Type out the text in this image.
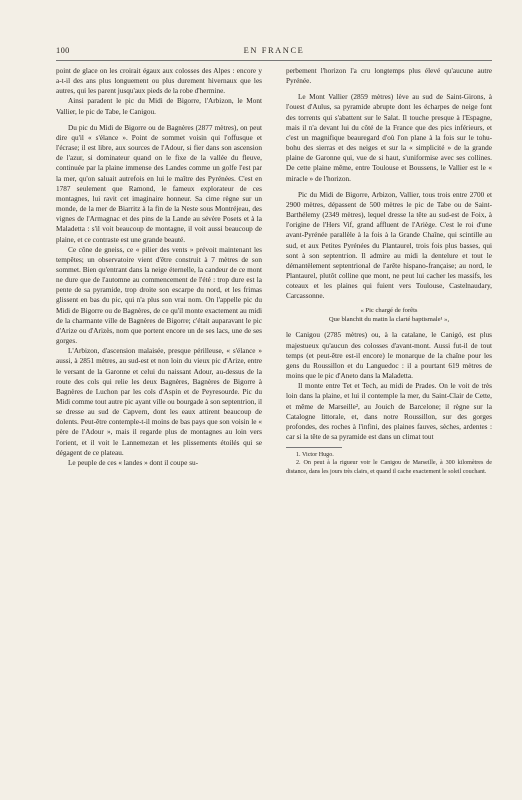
100	EN FRANCE

point de glace on les croirait égaux aux colosses des Alpes : encore y a-t-il des ans plus longuement ou plus durement hivernaux que les autres, qui les parent jusqu'aux pieds de la robe d'hermine.

Ainsi paradent le pic du Midi de Bigorre, l'Arbizon, le Mont Vallier, le pic de Tabe, le Canigou.

Du pic du Midi de Bigorre ou de Bagnères (2877 mètres), on peut dire qu'il « s'élance ». Point de sommet voisin qui l'offusque et l'écrase; il est libre, aux sources de l'Adour, si fier dans son ascension de l'azur, si dominateur quand on le fixe de la vallée du fleuve, continuée par la plaine immense des Landes comme un golfe l'est par la mer, qu'on saluait autrefois en lui le maître des Pyrénées. C'est en 1787 seulement que Ramond, le fameux explorateur de ces montagnes, lui ravit cet imaginaire honneur. Sa cime règne sur un monde, de la mer de Biarritz à la fin de la Neste sous Montréjeau, des vignes de l'Armagnac et des pins de la Lande au sévère Posets et à la Maladetta : s'il voit beaucoup de montagne, il voit aussi beaucoup de plaine, et ce contraste est une grande beauté.

Ce cône de gneiss, ce « pilier des vents » prévoit maintenant les tempêtes; un observatoire vient d'être construit à 7 mètres de son sommet. Bien qu'entrant dans la neige éternelle, la candeur de ce mont ne dure que de l'automne au commencement de l'été : trop dure est la pente de sa pyramide, trop droite son escarpe du nord, et les frimas glissent en bas du pic, qui n'a plus son vrai nom. On l'appelle pic du Midi de Bigorre ou de Bagnères, de ce qu'il monte exactement au midi de la charmante ville de Bagnères de Bigorre; c'était auparavant le pic d'Arize ou d'Arizès, nom que portent encore un de ses lacs, une de ses gorges.

L'Arbizon, d'ascension malaisée, presque périlleuse, « s'élance » aussi, à 2851 mètres, au sud-est et non loin du vieux pic d'Arize, entre le versant de la Garonne et celui du naissant Adour, au-dessus de la route des cols qui relie les deux Bagnères, Bagnères de Bigorre à Bagnères de Luchon par les cols d'Aspin et de Peyresourde. Pic du Midi comme tout autre pic ayant ville ou bourgade à son septentrion, il se dresse au sud de Capvern, dont les eaux attirent beaucoup de dolents. Peut-être contemple-t-il moins de bas pays que son voisin le « père de l'Adour », mais il regarde plus de montagnes au loin vers l'orient, et il voit le Lannemezan et les plissements étoilés qui se dégagent de ce plateau.

Le peuple de ces « landes » dont il coupe su-

perbement l'horizon l'a cru longtemps plus élevé qu'aucune autre Pyrénée.

Le Mont Vallier (2859 mètres) lève au sud de Saint-Girons, à l'ouest d'Aulus, sa pyramide abrupte dont les écharpes de neige font des torrents qui s'abattent sur le Salat. Il touche presque à l'Espagne, mais il n'a devant lui du côté de la France que des pics inférieurs, et c'est un magnifique beauregard d'où l'on plane à la fois sur le tohu-bohu des sierras et des neiges et sur la « simplicité » de la grande plaine de Garonne qui, vue de si haut, s'uniformise avec ses collines. De cette plaine même, entre Toulouse et Boussens, le Vallier est le « miracle » de l'horizon.

Pic du Midi de Bigorre, Arbizon, Vallier, tous trois entre 2700 et 2900 mètres, dépassent de 500 mètres le pic de Tabe ou de Saint-Barthélemy (2349 mètres), lequel dresse la tête au sud-est de Foix, à l'origine de l'Hers Vif, grand affluent de l'Ariège. C'est le roi d'une avant-Pyrénée parallèle à la fois à la Grande Chaîne, qui scintille au sud, et aux Petites Pyrénées du Plantaurel, trois fois plus basses, qui sont à son septentrion. Il admire au midi la dentelure et tout le démantèlement septentrional de l'arête hispano-française; au nord, le Plantaurel, plutôt colline que mont, ne peut lui cacher les massifs, les coteaux et les plaines qui fuient vers Toulouse, Castelnaudary, Carcassonne.

« Pic chargé de forêts
Que blanchit du matin la clarté baptismale¹ »,

le Canigou (2785 mètres) ou, à la catalane, le Canigó, est plus majestueux qu'aucun des colosses d'avant-mont. Aussi fut-il de tout temps (et peut-être est-il encore) le monarque de la chaîne pour les gens du Roussillon et du Languedoc : il a pourtant 619 mètres de moins que le pic d'Aneto dans la Maladetta.

Il monte entre Tet et Tech, au midi de Prades. On le voit de très loin dans la plaine, et lui il contemple la mer, du Saint-Clair de Cette, et même de Marseille², au Jouich de Barcelone; il règne sur la Catalogne littorale, et, dans notre Roussillon, sur des gorges profondes, des roches à l'infini, des plaines fauves, sèches, ardentes : car si la tête de sa pyramide est dans un climat tout

1. Victor Hugo.

2. On peut à la rigueur voir le Canigou de Marseille, à 300 kilomètres de distance, dans les jours très clairs, et quand il cache exactement le soleil couchant.
